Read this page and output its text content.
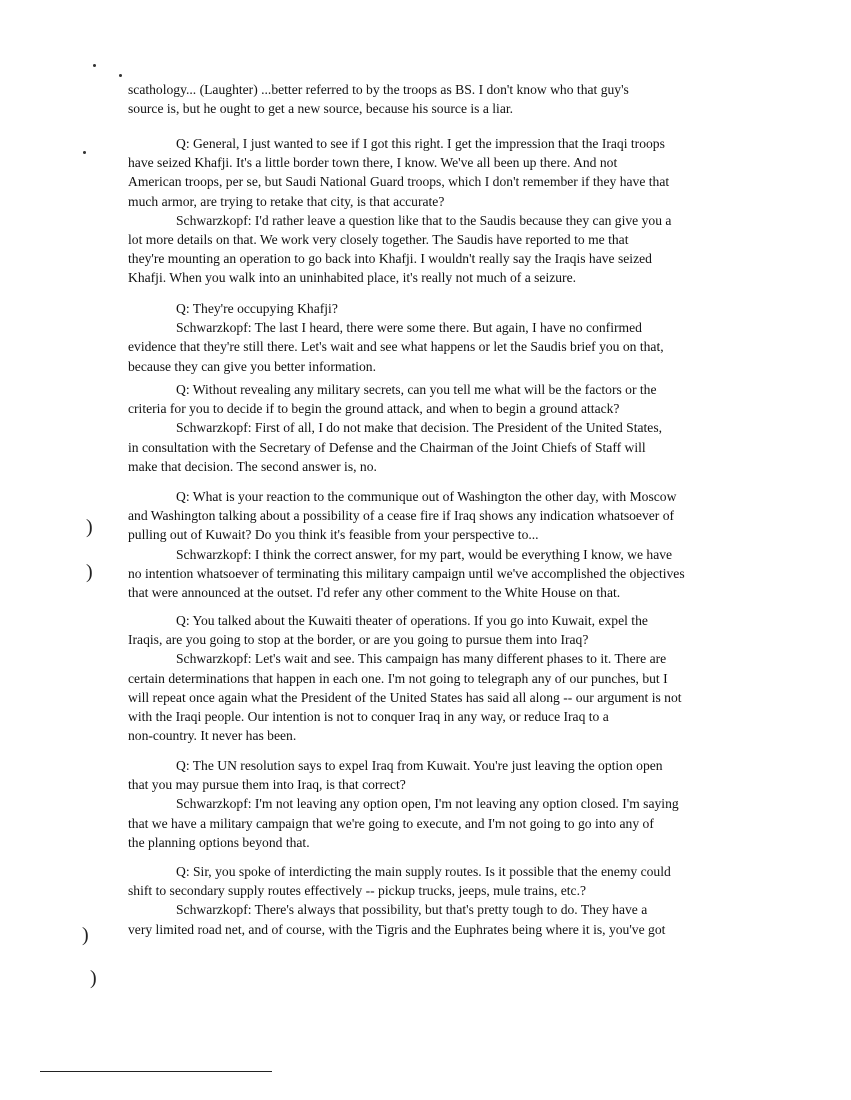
scathology... (Laughter) ...better referred to by the troops as BS. I don't know who that guy's
source is, but he ought to get a new source, because his source is a liar.
Q: General, I just wanted to see if I got this right. I get the impression that the Iraqi troops
have seized Khafji. It's a little border town there, I know. We've all been up there. And not
American troops, per se, but Saudi National Guard troops, which I don't remember if they have that
much armor, are trying to retake that city, is that accurate?
Schwarzkopf: I'd rather leave a question like that to the Saudis because they can give you a
lot more details on that. We work very closely together. The Saudis have reported to me that
they're mounting an operation to go back into Khafji. I wouldn't really say the Iraqis have seized
Khafji. When you walk into an uninhabited place, it's really not much of a seizure.
Q: They're occupying Khafji?
Schwarzkopf: The last I heard, there were some there. But again, I have no confirmed
evidence that they're still there. Let's wait and see what happens or let the Saudis brief you on that,
because they can give you better information.
Q: Without revealing any military secrets, can you tell me what will be the factors or the
criteria for you to decide if to begin the ground attack, and when to begin a ground attack?
Schwarzkopf: First of all, I do not make that decision. The President of the United States,
in consultation with the Secretary of Defense and the Chairman of the Joint Chiefs of Staff will
make that decision. The second answer is, no.
Q: What is your reaction to the communique out of Washington the other day, with Moscow
and Washington talking about a possibility of a cease fire if Iraq shows any indication whatsoever of
pulling out of Kuwait? Do you think it's feasible from your perspective to...
Schwarzkopf: I think the correct answer, for my part, would be everything I know, we have
no intention whatsoever of terminating this military campaign until we've accomplished the objectives
that were announced at the outset. I'd refer any other comment to the White House on that.
Q: You talked about the Kuwaiti theater of operations. If you go into Kuwait, expel the
Iraqis, are you going to stop at the border, or are you going to pursue them into Iraq?
Schwarzkopf: Let's wait and see. This campaign has many different phases to it. There are
certain determinations that happen in each one. I'm not going to telegraph any of our punches, but I
will repeat once again what the President of the United States has said all along -- our argument is not
with the Iraqi people. Our intention is not to conquer Iraq in any way, or reduce Iraq to a
non-country. It never has been.
Q: The UN resolution says to expel Iraq from Kuwait. You're just leaving the option open
that you may pursue them into Iraq, is that correct?
Schwarzkopf: I'm not leaving any option open, I'm not leaving any option closed. I'm saying
that we have a military campaign that we're going to execute, and I'm not going to go into any of
the planning options beyond that.
Q: Sir, you spoke of interdicting the main supply routes. Is it possible that the enemy could
shift to secondary supply routes effectively -- pickup trucks, jeeps, mule trains, etc.?
Schwarzkopf: There's always that possibility, but that's pretty tough to do. They have a
very limited road net, and of course, with the Tigris and the Euphrates being where it is, you've got
)
)
)
)
